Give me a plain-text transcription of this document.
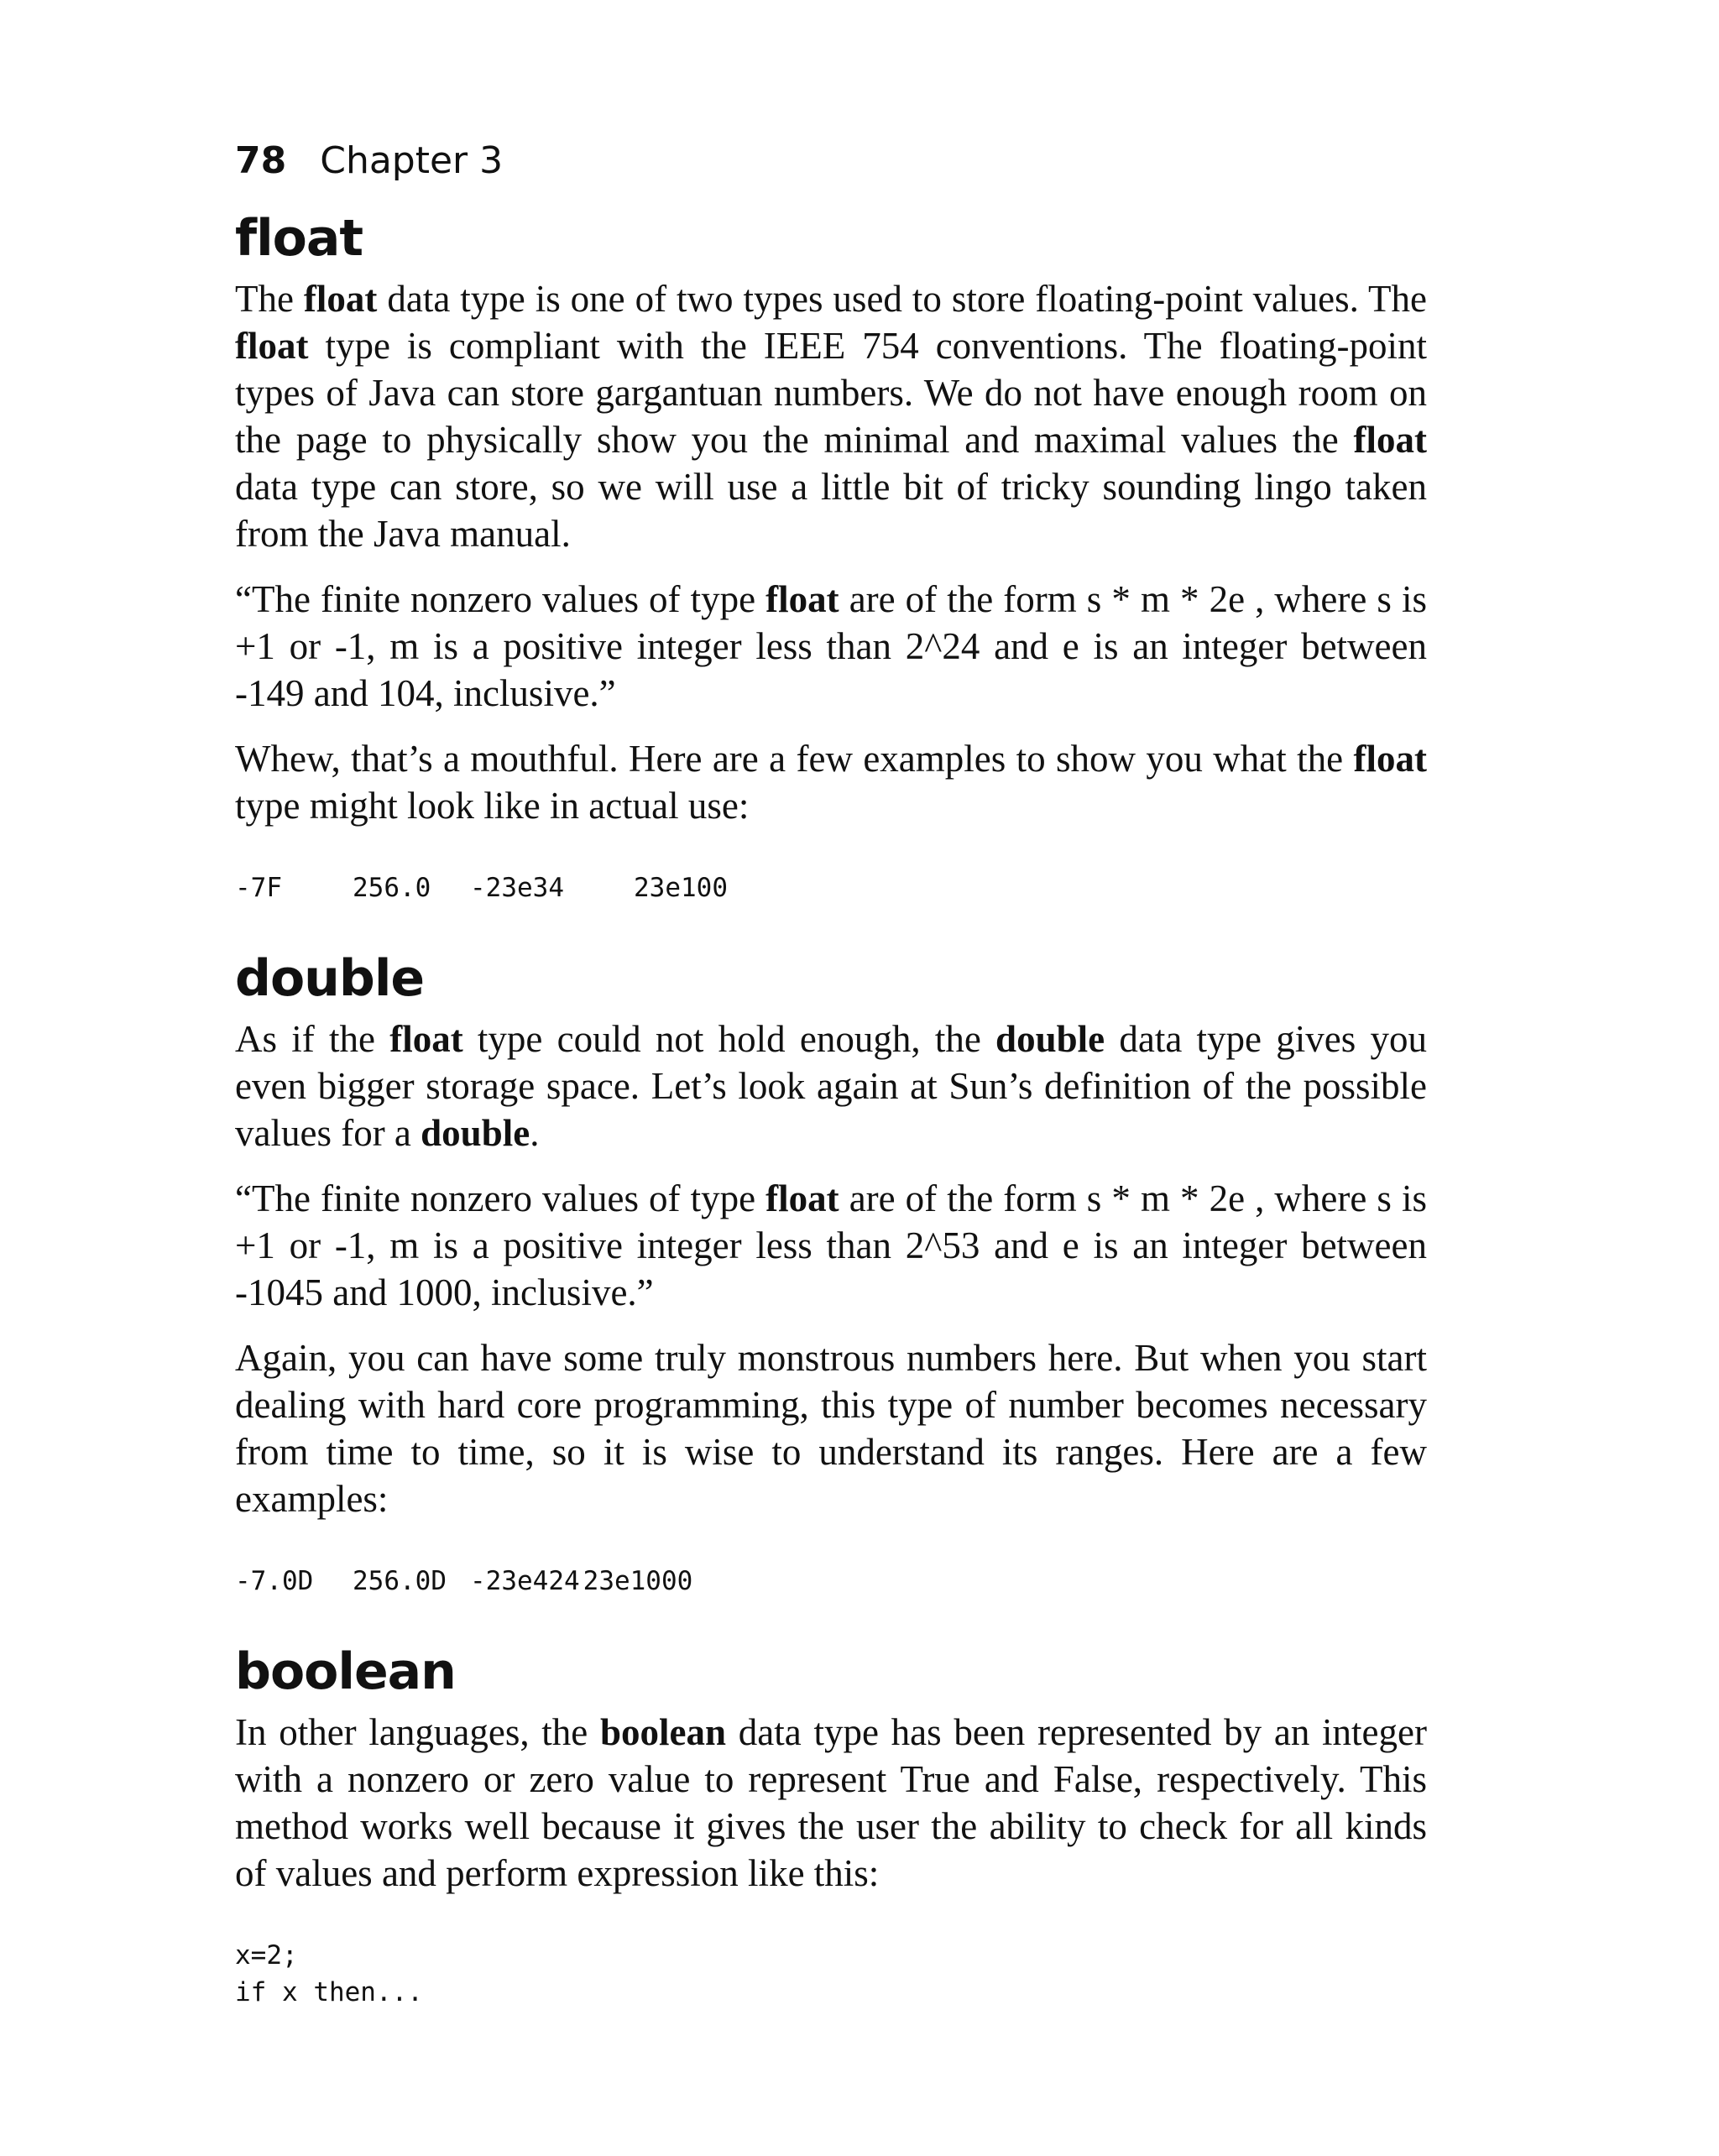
78 Chapter 3
float

The float data type is one of two types used to store floating-point values. The float type is compliant with the IEEE 754 conventions. The floating-point types of Java can store gargantuan numbers. We do not have enough room on the page to physically show you the minimal and maximal values the float data type can store, so we will use a little bit of tricky sounding lingo taken from the Java manual.

“The finite nonzero values of type float are of the form s * m * 2e , where s is +1 or -1, m is a positive integer less than 2^24 and e is an integer between -149 and 104, inclusive.”

Whew, that’s a mouthful. Here are a few examples to show you what the float type might look like in actual use:

-7F	256.0 -23e34	23e100
double

As if the float type could not hold enough, the double data type gives you even bigger storage space. Let’s look again at Sun’s definition of the possible values for a double.

“The finite nonzero values of type float are of the form s * m * 2e , where s is +1 or -1, m is a positive integer less than 2^53 and e is an integer between -1045 and 1000, inclusive.”

Again, you can have some truly monstrous numbers here. But when you start dealing with hard core programming, this type of number becomes necessary from time to time, so it is wise to understand its ranges. Here are a few examples:

-7.0D 256.0D -23e424 23e1000
boolean

In other languages, the boolean data type has been represented by an integer with a nonzero or zero value to represent True and False, respectively. This method works well because it gives the user the ability to check for all kinds of values and perform expression like this:

x=2;
if x then...
